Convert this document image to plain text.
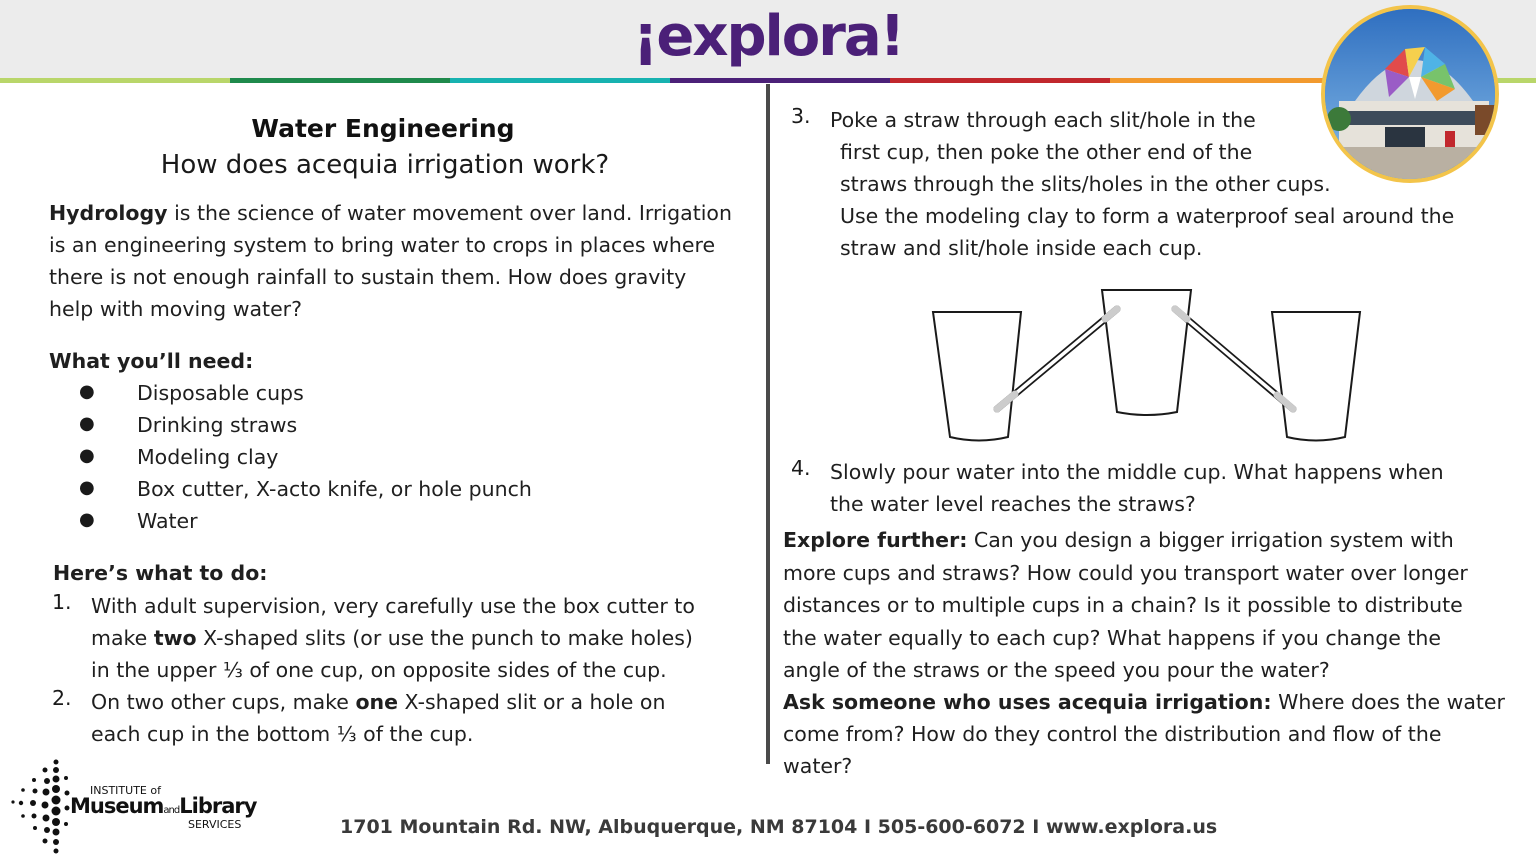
¡explora!
Water Engineering
How does acequia irrigation work?
Hydrology is the science of water movement over land. Irrigation
is an engineering system to bring water to crops in places where
there is not enough rainfall to sustain them. How does gravity
help with moving water?
What you’ll need:
● Disposable cups
● Drinking straws
● Modeling clay
● Box cutter, X-acto knife, or hole punch
● Water
Here’s what to do:
1. With adult supervision, very carefully use the box cutter to
make two X-shaped slits (or use the punch to make holes)
in the upper ⅓ of one cup, on opposite sides of the cup.
2. On two other cups, make one X-shaped slit or a hole on
each cup in the bottom ⅓ of the cup.
3. Poke a straw through each slit/hole in the
first cup, then poke the other end of the
straws through the slits/holes in the other cups.
Use the modeling clay to form a waterproof seal around the
straw and slit/hole inside each cup.
4. Slowly pour water into the middle cup. What happens when
the water level reaches the straws?
Explore further: Can you design a bigger irrigation system with
more cups and straws? How could you transport water over longer
distances or to multiple cups in a chain? Is it possible to distribute
the water equally to each cup? What happens if you change the
angle of the straws or the speed you pour the water?
Ask someone who uses acequia irrigation: Where does the water
come from? How do they control the distribution and flow of the
water?
INSTITUTE of
MuseumandLibrary
SERVICES	1701 Mountain Rd. NW, Albuquerque, NM 87104 I 505-600-6072 I www.explora.us
